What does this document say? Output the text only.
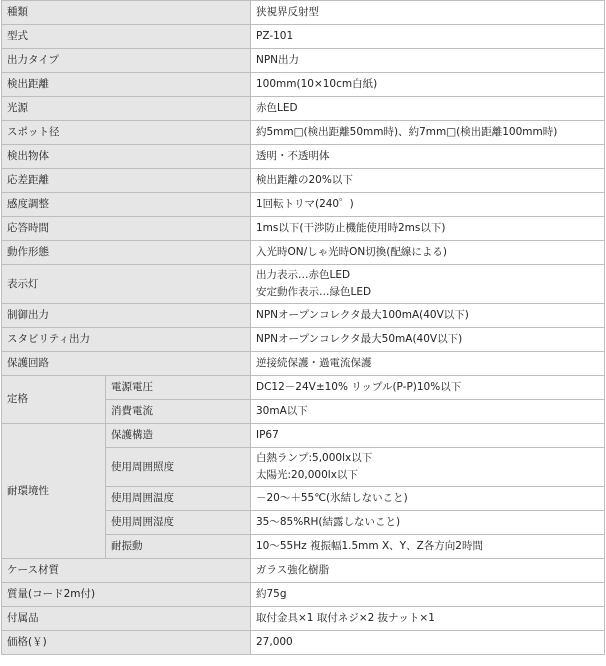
種類		狭視界反射型
型式		PZ-101
出力タイプ		NPN出力
検出距離		100mm(10×10cm白紙)
光源		赤色LED
スポット径		約5mm□(検出距離50mm時)、約7mm□(検出距離100mm時)
検出物体		透明・不透明体
応差距離		検出距離の20%以下
感度調整		1回転トリマ(240゜)
応答時間		1ms以下(干渉防止機能使用時2ms以下)
動作形態		入光時ON/しゃ光時ON切換(配線による)
表示灯		出力表示…赤色LED
安定動作表示…緑色LED

制御出力		NPNオープンコレクタ最大100mA(40V以下)
スタビリティ出力		NPNオープンコレクタ最大50mA(40V以下)
保護回路		逆接続保護・過電流保護
定格	電源電圧	DC12－24V±10% リップル(P-P)10%以下
	消費電流	30mA以下
耐環境性	保護構造	IP67
	使用周囲照度	白熱ランプ:5,000lx以下
太陽光:20,000lx以下

	使用周囲温度	－20～＋55℃(氷結しないこと)
	使用周囲湿度	35～85%RH(結露しないこと)
	耐振動	10～55Hz 複振幅1.5mm X、Y、Z各方向2時間
ケース材質		ガラス強化樹脂
質量(コード2m付)		約75g
付属品		取付金具×1 取付ネジ×2 抜ナット×1
価格(￥)		27,000
